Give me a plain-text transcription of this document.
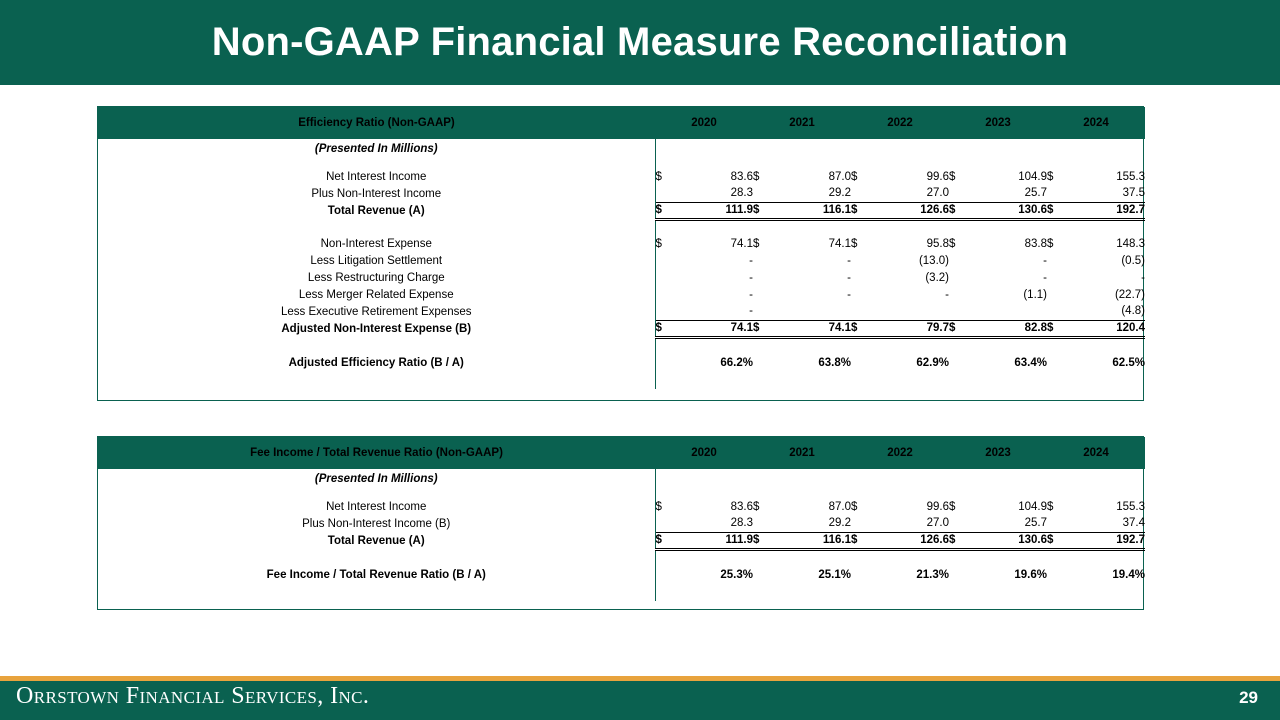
Non-GAAP Financial Measure Reconciliation
Efficiency Ratio (Non-GAAP)	2020		2021		2022		2023		2024	
(Presented In Millions)										

Net Interest Income	$	83.6	$	87.0	$	99.6	$	104.9	$	155.3
Plus Non-Interest Income		28.3		29.2		27.0		25.7		37.5
Total Revenue (A)	$	111.9	$	116.1	$	126.6	$	130.6	$	192.7

Non-Interest Expense	$	74.1	$	74.1	$	95.8	$	83.8	$	148.3
Less Litigation Settlement		-		-		(13.0)		-		(0.5)
Less Restructuring Charge		-		-		(3.2)		-		-
Less Merger Related Expense		-		-		-		(1.1)		(22.7)
Less Executive Retirement Expenses		-								(4.8)
Adjusted Non-Interest Expense (B)	$	74.1	$	74.1	$	79.7	$	82.8	$	120.4

Adjusted Efficiency Ratio (B / A)		66.2%		63.8%		62.9%		63.4%		62.5%

Fee Income / Total Revenue Ratio (Non-GAAP)	2020		2021		2022		2023		2024	
(Presented In Millions)										

Net Interest Income	$	83.6	$	87.0	$	99.6	$	104.9	$	155.3
Plus Non-Interest Income (B)		28.3		29.2		27.0		25.7		37.4
Total Revenue (A)	$	111.9	$	116.1	$	126.6	$	130.6	$	192.7

Fee Income / Total Revenue Ratio (B / A)		25.3%		25.1%		21.3%		19.6%		19.4%

Orrstown Financial Services, Inc.	29
